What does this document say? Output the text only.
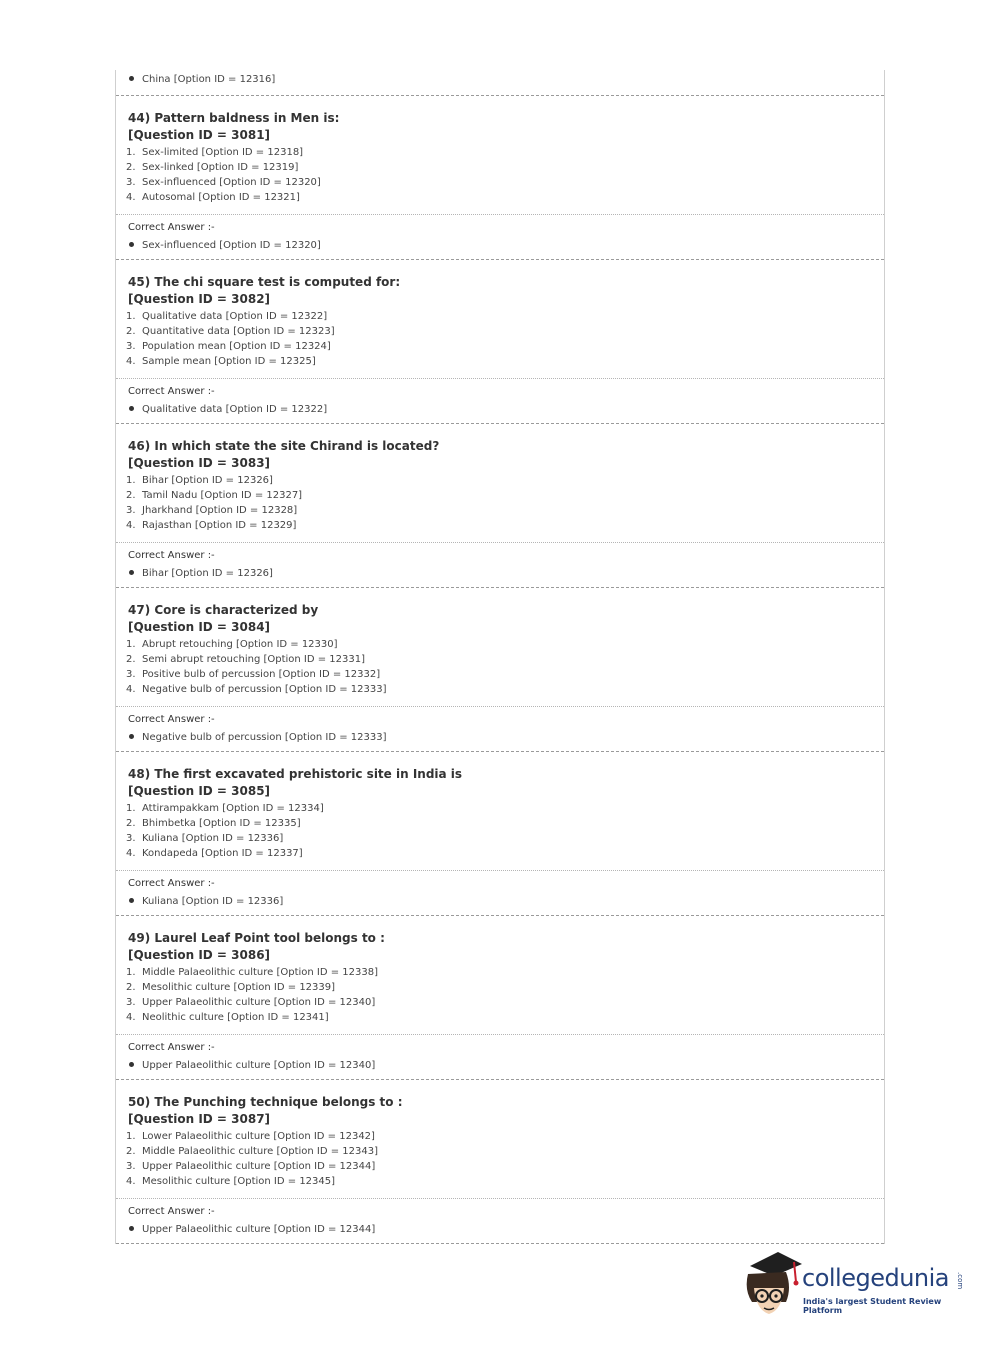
China [Option ID = 12316]
44) Pattern baldness in Men is:
[Question ID = 3081]
1. Sex-limited [Option ID = 12318]
2. Sex-linked [Option ID = 12319]
3. Sex-influenced [Option ID = 12320]
4. Autosomal [Option ID = 12321]
Correct Answer :-
Sex-influenced [Option ID = 12320]
45) The chi square test is computed for:
[Question ID = 3082]
1. Qualitative data [Option ID = 12322]
2. Quantitative data [Option ID = 12323]
3. Population mean [Option ID = 12324]
4. Sample mean [Option ID = 12325]
Correct Answer :-
Qualitative data [Option ID = 12322]
46) In which state the site Chirand is located?
[Question ID = 3083]
1. Bihar [Option ID = 12326]
2. Tamil Nadu [Option ID = 12327]
3. Jharkhand [Option ID = 12328]
4. Rajasthan [Option ID = 12329]
Correct Answer :-
Bihar [Option ID = 12326]
47) Core is characterized by
[Question ID = 3084]
1. Abrupt retouching [Option ID = 12330]
2. Semi abrupt retouching [Option ID = 12331]
3. Positive bulb of percussion [Option ID = 12332]
4. Negative bulb of percussion [Option ID = 12333]
Correct Answer :-
Negative bulb of percussion [Option ID = 12333]
48) The first excavated prehistoric site in India is
[Question ID = 3085]
1. Attirampakkam [Option ID = 12334]
2. Bhimbetka [Option ID = 12335]
3. Kuliana [Option ID = 12336]
4. Kondapeda [Option ID = 12337]
Correct Answer :-
Kuliana [Option ID = 12336]
49) Laurel Leaf Point tool belongs to :
[Question ID = 3086]
1. Middle Palaeolithic culture [Option ID = 12338]
2. Mesolithic culture [Option ID = 12339]
3. Upper Palaeolithic culture [Option ID = 12340]
4. Neolithic culture [Option ID = 12341]
Correct Answer :-
Upper Palaeolithic culture [Option ID = 12340]
50) The Punching technique belongs to :
[Question ID = 3087]
1. Lower Palaeolithic culture [Option ID = 12342]
2. Middle Palaeolithic culture [Option ID = 12343]
3. Upper Palaeolithic culture [Option ID = 12344]
4. Mesolithic culture [Option ID = 12345]
Correct Answer :-
Upper Palaeolithic culture [Option ID = 12344]
collegedunia .com
India's largest Student Review Platform
